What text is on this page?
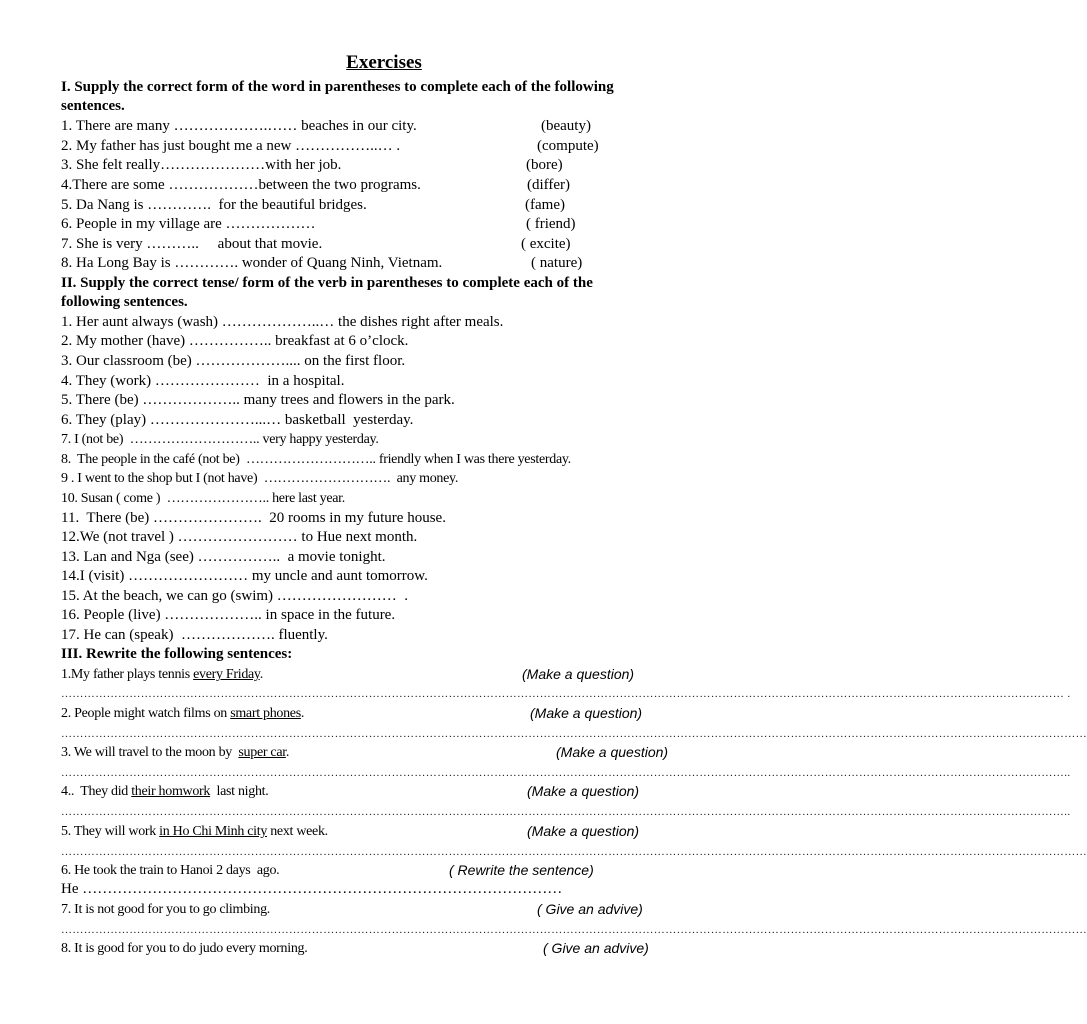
Exercises
I. Supply the correct form of the word in parentheses to complete each of the following
sentences.
1. There are many ……………….…… beaches in our city.	(beauty)
2. My father has just bought me a new ……………..… .	(compute)
3. She felt really…………………with her job.	(bore)
4.There are some ………………between the two programs.	(differ)
5. Da Nang is ………….  for the beautiful bridges.	(fame)
6. People in my village are ………………	( friend)
7. She is very ………..     about that movie.	( excite)
8. Ha Long Bay is …………. wonder of Quang Ninh, Vietnam.	( nature)
II. Supply the correct tense/ form of the verb in parentheses to complete each of the
following sentences.
1. Her aunt always (wash) ………………..… the dishes right after meals.
2. My mother (have) …………….. breakfast at 6 o’clock.
3. Our classroom (be) ……………….... on the first floor.
4. They (work) …………………  in a hospital.
5. There (be) ……………….. many trees and flowers in the park.
6. They (play) …………………...… basketball  yesterday.
7. I (not be)  ……………………….. very happy yesterday.
8.  The people in the café (not be)  ……………………….. friendly when I was there yesterday.
9 . I went to the shop but I (not have)  ……………………….  any money.
10. Susan ( come )  ………………….. here last year.
11.  There (be) ………………….  20 rooms in my future house.
12.We (not travel ) …………………… to Hue next month.
13. Lan and Nga (see) ……………..  a movie tonight.
14.I (visit) …………………… my uncle and aunt tomorrow.
15. At the beach, we can go (swim) ……………………  .
16. People (live) ……………….. in space in the future.
17. He can (speak)  ………………. fluently.
III. Rewrite the following sentences:
1.My father plays tennis every Friday.	(Make a question)
………………………………………………………………………………………………………………………………………………………………………………………………………………………………………… .
2. People might watch films on smart phones.	(Make a question)
………………………………………………………………………………………………………………………………………………………………………………………………………………………………………………
3. We will travel to the moon by  super car.	(Make a question)
…………………………………………………………………………………………………………………………………………………………………………………………………………………………………………..
4..  They did their homwork  last night.	(Make a question)
…………………………………………………………………………………………………………………………………………………………………………………………………………………………………………..
5. They will work in Ho Chi Minh city next week.	(Make a question)
………………………………………………………………………………………………………………………………………………………………………………………………………………………………………………
6. He took the train to Hanoi 2 days  ago.	( Rewrite the sentence)
He ……………………………………………………………………………………
7. It is not good for you to go climbing.	( Give an advive)
………………………………………………………………………………………………………………………………………………………………………………………………………………………………………………
8. It is good for you to do judo every morning.	( Give an advive)
